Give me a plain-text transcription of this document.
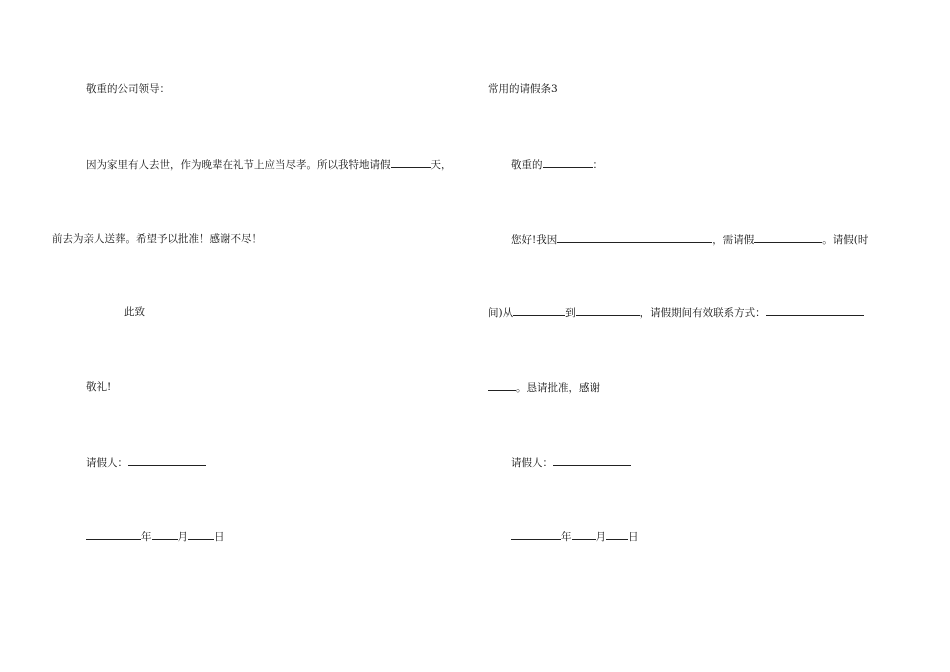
敬重的公司领导：
因为家里有人去世，作为晚辈在礼节上应当尽孝。所以我特地请假	天，
前去为亲人送葬。希望予以批准！感谢不尽！
此致
敬礼!
请假人：
年 月 日
常用的请假条3
敬重的	：
您好!我因	，需请假	。请假(时
间)从	到	，请假期间有效联系方式：
。恳请批准，感谢
请假人：
年 月 日
